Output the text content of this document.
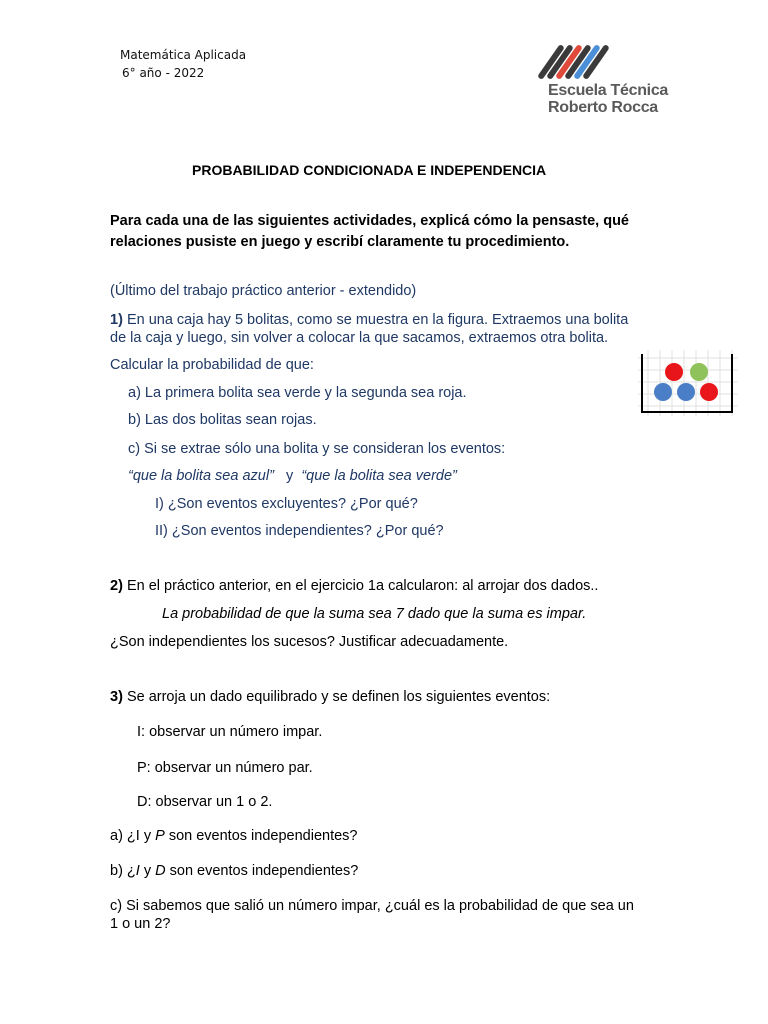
Matemática Aplicada
6° año - 2022
Escuela Técnica
Roberto Rocca
PROBABILIDAD CONDICIONADA E INDEPENDENCIA
Para cada una de las siguientes actividades, explicá cómo la pensaste, qué
relaciones pusiste en juego y escribí claramente tu procedimiento.
(Último del trabajo práctico anterior - extendido)
1) En una caja hay 5 bolitas, como se muestra en la figura. Extraemos una bolita
de la caja y luego, sin volver a colocar la que sacamos, extraemos otra bolita.
Calcular la probabilidad de que:
a) La primera bolita sea verde y la segunda sea roja.
b) Las dos bolitas sean rojas.
c) Si se extrae sólo una bolita y se consideran los eventos:
“que la bolita sea azul” y “que la bolita sea verde”
I) ¿Son eventos excluyentes? ¿Por qué?
II) ¿Son eventos independientes? ¿Por qué?
2) En el práctico anterior, en el ejercicio 1a calcularon: al arrojar dos dados..
La probabilidad de que la suma sea 7 dado que la suma es impar.
¿Son independientes los sucesos? Justificar adecuadamente.
3) Se arroja un dado equilibrado y se definen los siguientes eventos:
I: observar un número impar.
P: observar un número par.
D: observar un 1 o 2.
a) ¿I y P son eventos independientes?
b) ¿I y D son eventos independientes?
c) Si sabemos que salió un número impar, ¿cuál es la probabilidad de que sea un
1 o un 2?
